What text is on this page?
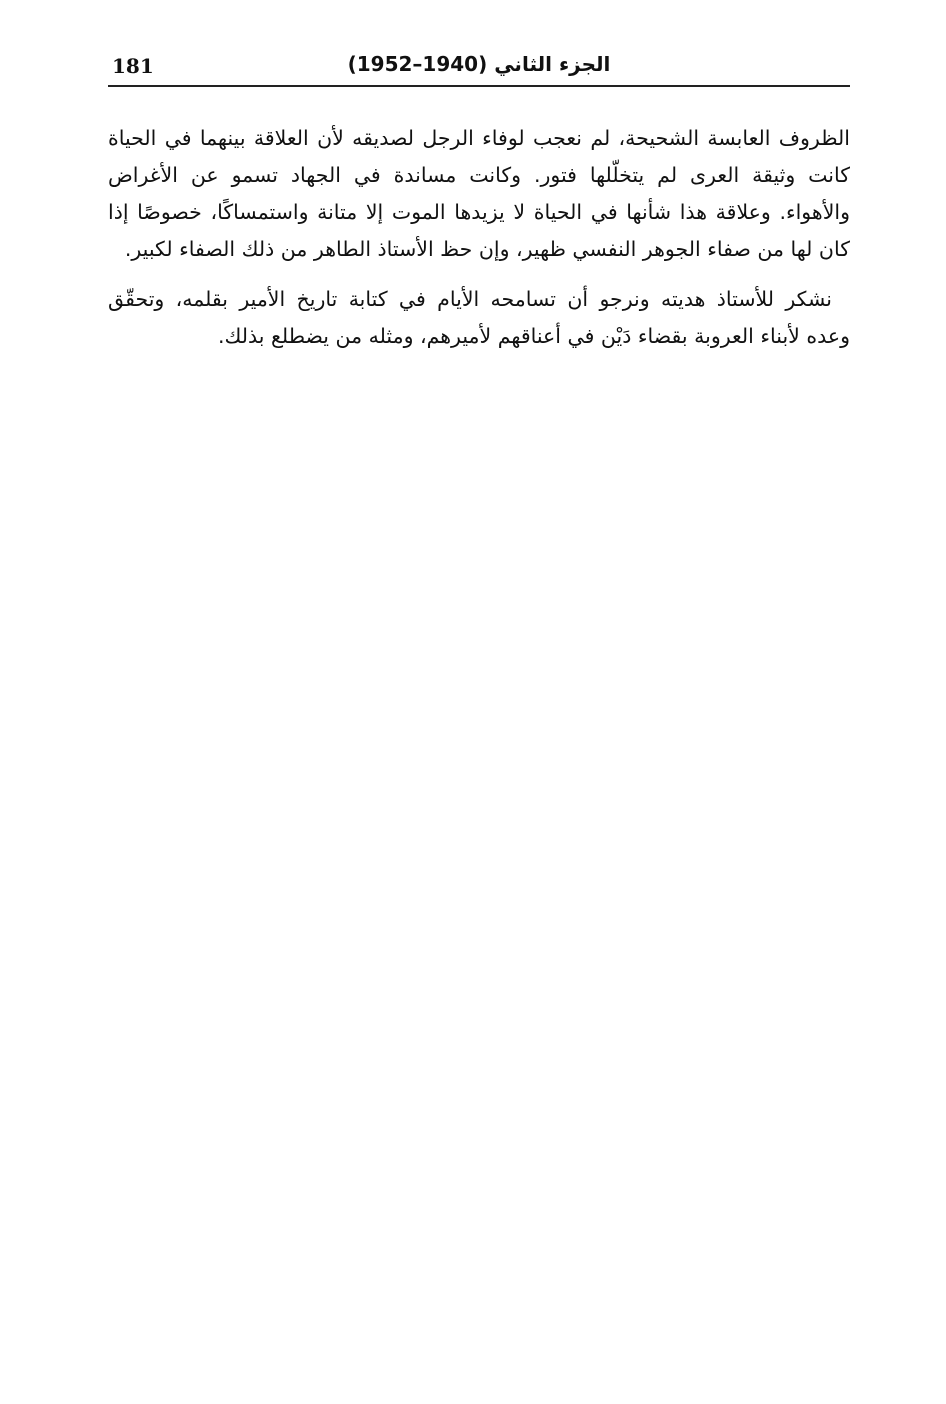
181	الجزء الثاني (1940–1952)

الظروف العابسة الشحيحة، لم نعجب لوفاء الرجل لصديقه لأن العلاقة بينهما في الحياة
كانت وثيقة العرى لم يتخلّلها فتور. وكانت مساندة في الجهاد تسمو عن الأغراض
والأهواء. وعلاقة هذا شأنها في الحياة لا يزيدها الموت إلا متانة واستمساكًا، خصوصًا إذا
كان لها من صفاء الجوهر النفسي ظهير، وإن حظ الأستاذ الطاهر من ذلك الصفاء لكبير.

نشكر للأستاذ هديته ونرجو أن تسامحه الأيام في كتابة تاريخ الأمير بقلمه، وتحقّق
وعده لأبناء العروبة بقضاء دَيْن في أعناقهم لأميرهم، ومثله من يضطلع بذلك.
